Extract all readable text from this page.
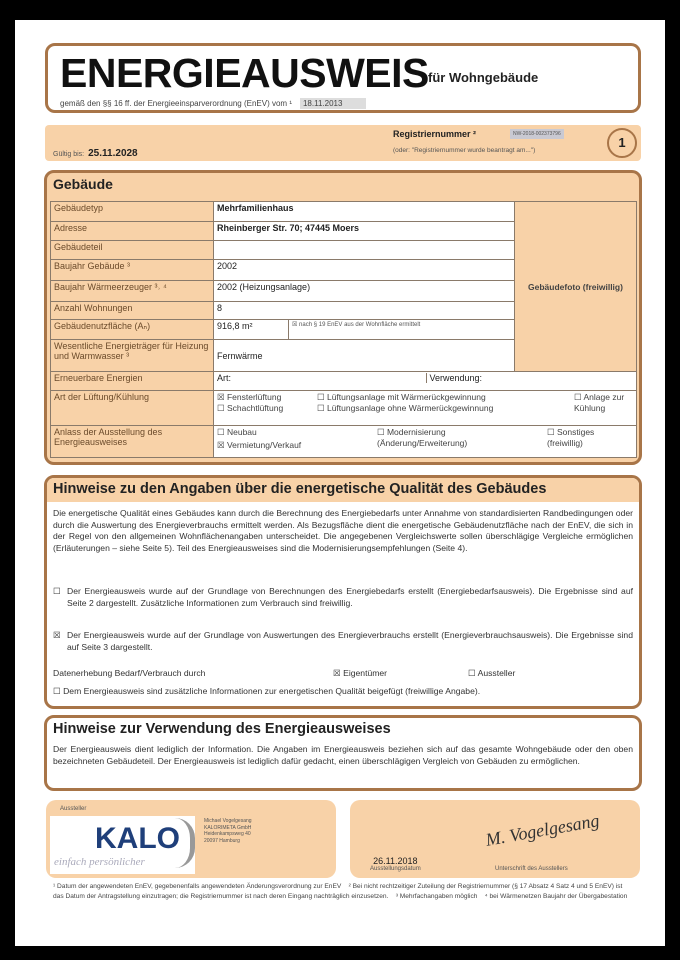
ENERGIEAUSWEIS für Wohngebäude
gemäß den §§ 16 ff. der Energieeinsparverordnung (EnEV) vom ¹ 18.11.2013
Gültig bis: 25.11.2028
Registriernummer ²	NW-2018-002373796
(oder: "Registriernummer wurde beantragt am...")
1
Gebäude
Gebäudetyp	Mehrfamilienhaus		Gebäudefoto (freiwillig)
Adresse	Rheinberger Str. 70; 47445 Moers		
Gebäudeteil			
Baujahr Gebäude ³	2002		
Baujahr Wärmeerzeuger ³˒ ⁴	2002 (Heizungsanlage)		
Anzahl Wohnungen	8		
Gebäudenutzfläche (Aₙ)	916,8 m²	☒ nach § 19 EnEV aus der Wohnfläche ermittelt	
Wesentliche Energieträger für Heizung und Warmwasser ³	Fernwärme		
Erneuerbare Energien	Art: Verwendung:		
Art der Lüftung/Kühlung	☒ Fensterlüftung ☐ Lüftungsanlage mit Wärmerückgewinnung ☐ Anlage zur Kühlung

☐ Schachtlüftung ☐ Lüftungsanlage ohne Wärmerückgewinnung		
Anlass der Ausstellung des Energieausweises	☐ Neubau ☐ Modernisierung (Änderung/Erweiterung)☐ Sonstiges (freiwillig)
☒ Vermietung/Verkauf		
Hinweise zu den Angaben über die energetische Qualität des Gebäudes
Die energetische Qualität eines Gebäudes kann durch die Berechnung des Energiebedarfs unter Annahme von standardisierten Randbedingungen oder durch die Auswertung des Energieverbrauchs ermittelt werden. Als Bezugsfläche dient die energetische Gebäudenutzfläche nach der EnEV, die sich in der Regel von den allgemeinen Wohnflächenangaben unterscheidet. Die angegebenen Vergleichswerte sollen überschlägige Vergleiche ermöglichen (Erläuterungen – siehe Seite 5). Teil des Energieausweises sind die Modernisierungsempfehlungen (Seite 4).
☐ Der Energieausweis wurde auf der Grundlage von Berechnungen des Energiebedarfs erstellt (Energiebedarfsausweis). Die Ergebnisse sind auf Seite 2 dargestellt. Zusätzliche Informationen zum Verbrauch sind freiwillig.
☒ Der Energieausweis wurde auf der Grundlage von Auswertungen des Energieverbrauchs erstellt (Energieverbrauchsausweis). Die Ergebnisse sind auf Seite 3 dargestellt.
Datenerhebung Bedarf/Verbrauch durch	☒ Eigentümer	☐ Aussteller
☐ Dem Energieausweis sind zusätzliche Informationen zur energetischen Qualität beigefügt (freiwillige Angabe).
Hinweise zur Verwendung des Energieausweises
Der Energieausweis dient lediglich der Information. Die Angaben im Energieausweis beziehen sich auf das gesamte Wohngebäude oder den oben bezeichneten Gebäudeteil. Der Energieausweis ist lediglich dafür gedacht, einen überschlägigen Vergleich von Gebäuden zu ermöglichen.
Aussteller
KALO
einfach persönlicher
Michael Vogelgesang
KALORIMETA GmbH
Heidenkampsweg 40
20097 Hamburg
26.11.2018
Ausstellungsdatum
M. Vogelgesang
Unterschrift des Ausstellers
¹ Datum der angewendeten EnEV, gegebenenfalls angewendeten Änderungsverordnung zur EnEV ² Bei nicht rechtzeitiger Zuteilung der Registriernummer (§ 17 Absatz 4 Satz 4 und 5 EnEV) ist das Datum der Antragstellung einzutragen; die Registriernummer ist nach deren Eingang nachträglich einzusetzen. ³ Mehrfachangaben möglich ⁴ bei Wärmenetzen Baujahr der Übergabestation
